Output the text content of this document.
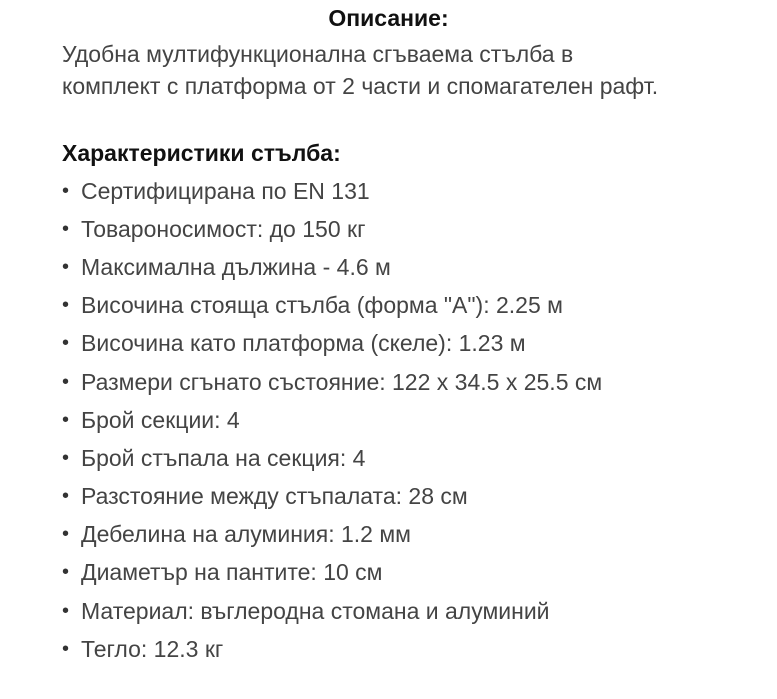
Описание:
Удобна мултифункционална сгъваема стълба в
комплект с платформа от 2 части и спомагателен рафт.
Характеристики стълба:
• Сертифицирана по EN 131
• Товароносимост: до 150 кг
• Максимална дължина - 4.6 м
• Височина стояща стълба (форма "A"): 2.25 м
• Височина като платформа (скеле): 1.23 м
• Размери сгънато състояние: 122 x 34.5 x 25.5 см
• Брой секции: 4
• Брой стъпала на секция: 4
• Разстояние между стъпалата: 28 см
• Дебелина на алуминия: 1.2 мм
• Диаметър на пантите: 10 см
• Материал: въглеродна стомана и алуминий
• Тегло: 12.3 кг
